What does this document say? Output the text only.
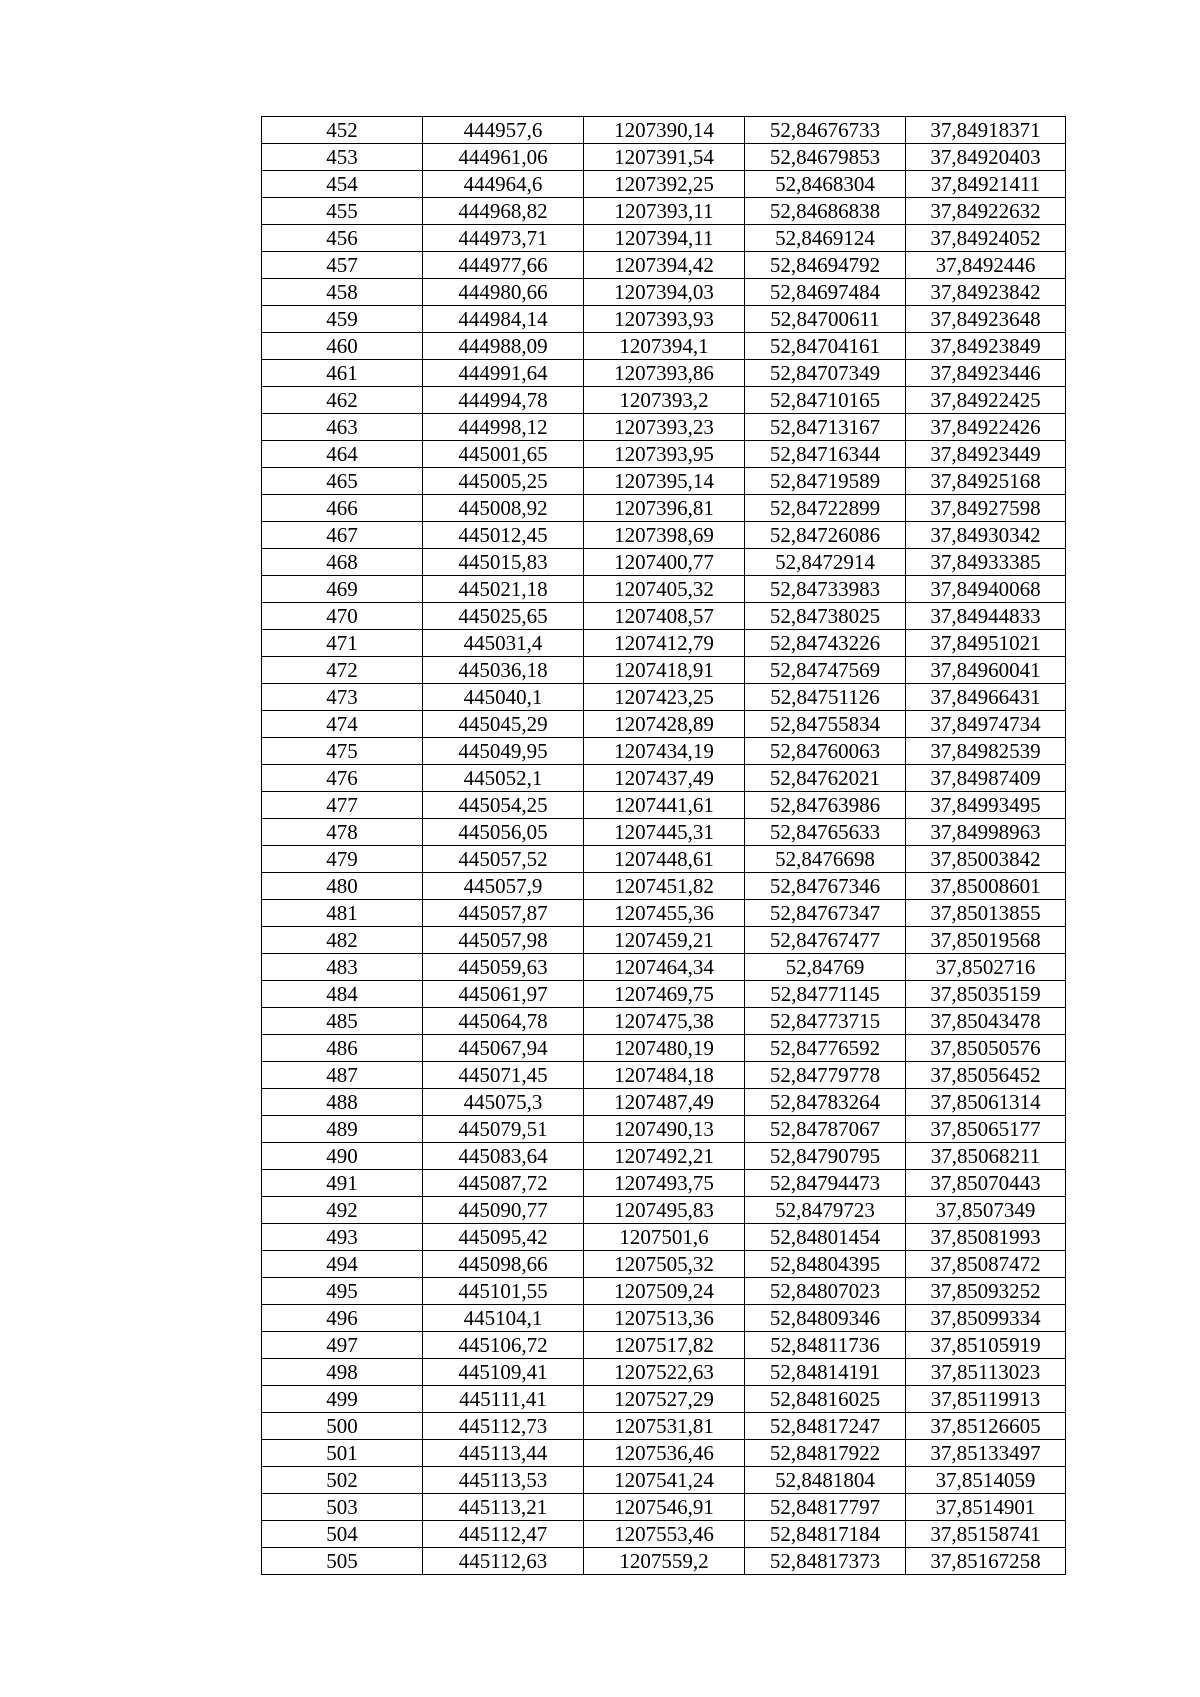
452	444957,6	1207390,14	52,84676733	37,84918371
453	444961,06	1207391,54	52,84679853	37,84920403
454	444964,6	1207392,25	52,8468304	37,84921411
455	444968,82	1207393,11	52,84686838	37,84922632
456	444973,71	1207394,11	52,8469124	37,84924052
457	444977,66	1207394,42	52,84694792	37,8492446
458	444980,66	1207394,03	52,84697484	37,84923842
459	444984,14	1207393,93	52,84700611	37,84923648
460	444988,09	1207394,1	52,84704161	37,84923849
461	444991,64	1207393,86	52,84707349	37,84923446
462	444994,78	1207393,2	52,84710165	37,84922425
463	444998,12	1207393,23	52,84713167	37,84922426
464	445001,65	1207393,95	52,84716344	37,84923449
465	445005,25	1207395,14	52,84719589	37,84925168
466	445008,92	1207396,81	52,84722899	37,84927598
467	445012,45	1207398,69	52,84726086	37,84930342
468	445015,83	1207400,77	52,8472914	37,84933385
469	445021,18	1207405,32	52,84733983	37,84940068
470	445025,65	1207408,57	52,84738025	37,84944833
471	445031,4	1207412,79	52,84743226	37,84951021
472	445036,18	1207418,91	52,84747569	37,84960041
473	445040,1	1207423,25	52,84751126	37,84966431
474	445045,29	1207428,89	52,84755834	37,84974734
475	445049,95	1207434,19	52,84760063	37,84982539
476	445052,1	1207437,49	52,84762021	37,84987409
477	445054,25	1207441,61	52,84763986	37,84993495
478	445056,05	1207445,31	52,84765633	37,84998963
479	445057,52	1207448,61	52,8476698	37,85003842
480	445057,9	1207451,82	52,84767346	37,85008601
481	445057,87	1207455,36	52,84767347	37,85013855
482	445057,98	1207459,21	52,84767477	37,85019568
483	445059,63	1207464,34	52,84769	37,8502716
484	445061,97	1207469,75	52,84771145	37,85035159
485	445064,78	1207475,38	52,84773715	37,85043478
486	445067,94	1207480,19	52,84776592	37,85050576
487	445071,45	1207484,18	52,84779778	37,85056452
488	445075,3	1207487,49	52,84783264	37,85061314
489	445079,51	1207490,13	52,84787067	37,85065177
490	445083,64	1207492,21	52,84790795	37,85068211
491	445087,72	1207493,75	52,84794473	37,85070443
492	445090,77	1207495,83	52,8479723	37,8507349
493	445095,42	1207501,6	52,84801454	37,85081993
494	445098,66	1207505,32	52,84804395	37,85087472
495	445101,55	1207509,24	52,84807023	37,85093252
496	445104,1	1207513,36	52,84809346	37,85099334
497	445106,72	1207517,82	52,84811736	37,85105919
498	445109,41	1207522,63	52,84814191	37,85113023
499	445111,41	1207527,29	52,84816025	37,85119913
500	445112,73	1207531,81	52,84817247	37,85126605
501	445113,44	1207536,46	52,84817922	37,85133497
502	445113,53	1207541,24	52,8481804	37,8514059
503	445113,21	1207546,91	52,84817797	37,8514901
504	445112,47	1207553,46	52,84817184	37,85158741
505	445112,63	1207559,2	52,84817373	37,85167258
